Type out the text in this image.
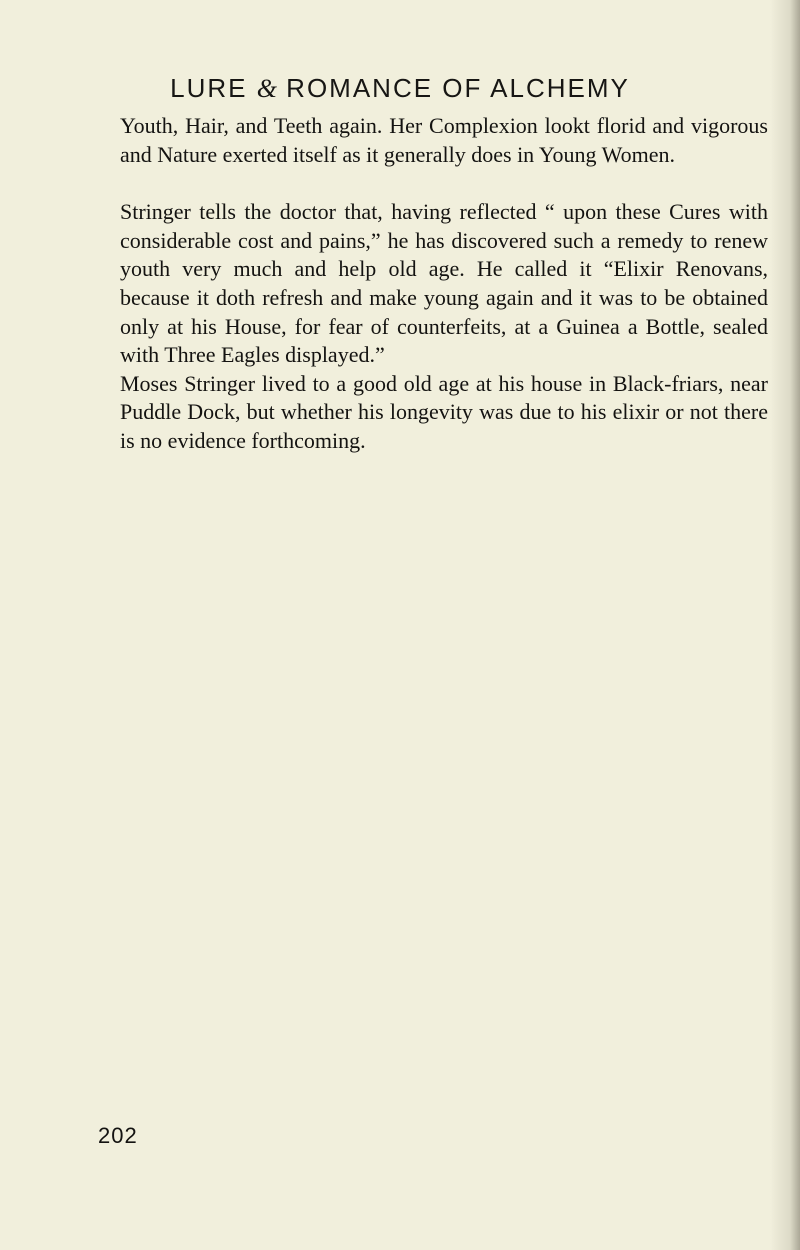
LURE & ROMANCE OF ALCHEMY

Youth, Hair, and Teeth again. Her Complexion lookt florid and vigorous and Nature exerted itself as it generally does in Young Women.

Stringer tells the doctor that, having reflected “ upon these Cures with considerable cost and pains,” he has discovered such a remedy to renew youth very much and help old age. He called it “Elixir Renovans, because it doth refresh and make young again and it was to be obtained only at his House, for fear of counterfeits, at a Guinea a Bottle, sealed with Three Eagles displayed.”

Moses Stringer lived to a good old age at his house in Black-friars, near Puddle Dock, but whether his longevity was due to his elixir or not there is no evidence forthcoming.

202
